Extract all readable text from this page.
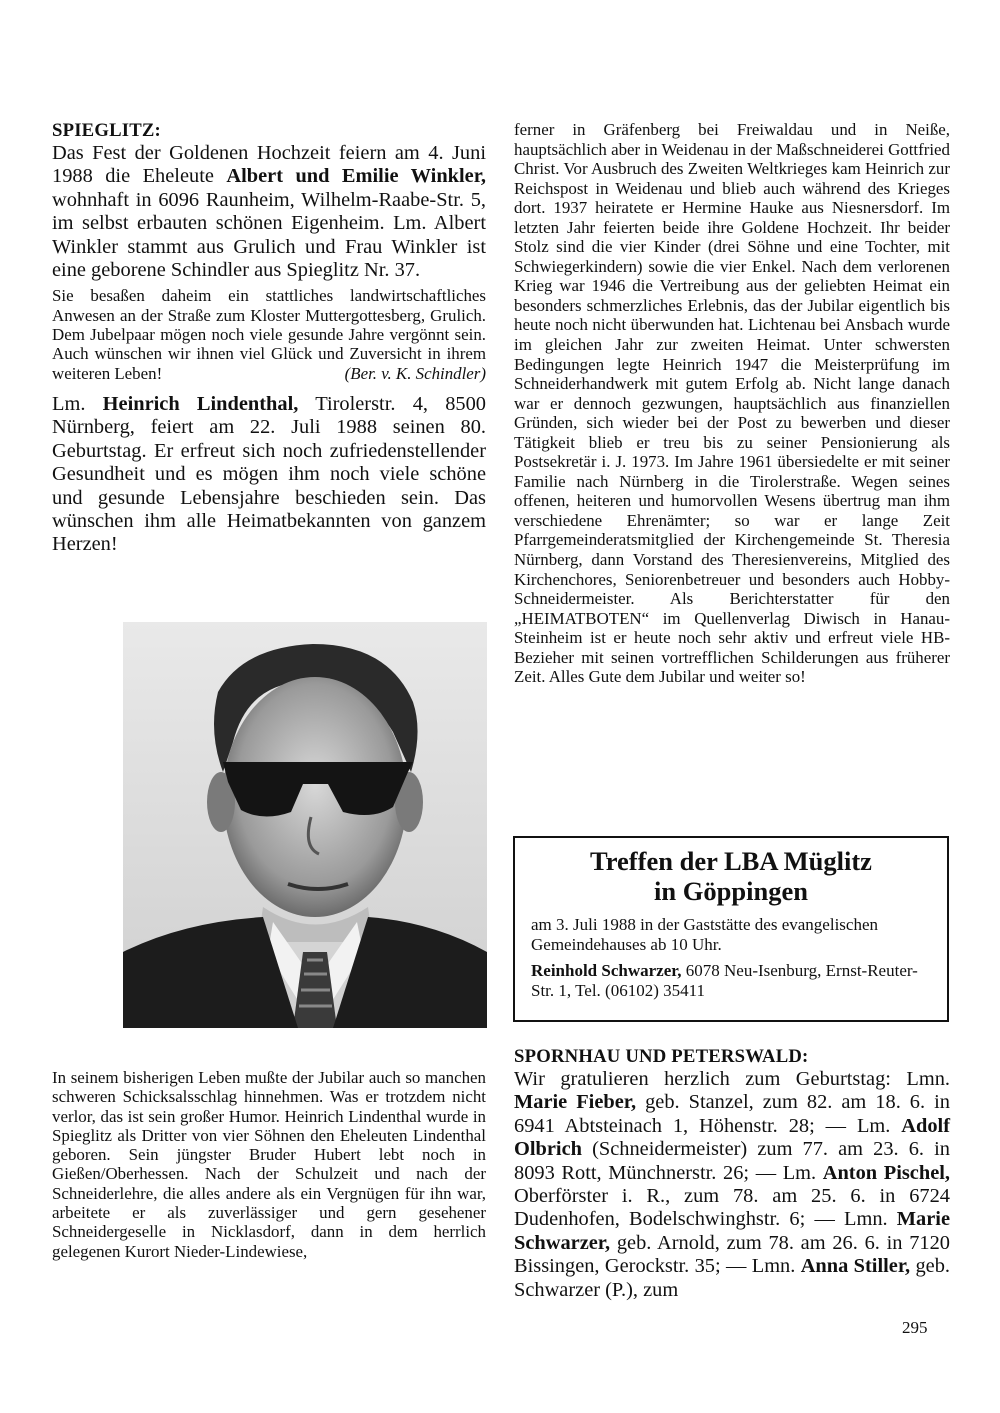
SPIEGLITZ:

Das Fest der Goldenen Hochzeit feiern am 4. Juni 1988 die Eheleute Albert und Emilie Winkler, wohnhaft in 6096 Raunheim, Wilhelm-Raabe-Str. 5, im selbst erbauten schönen Eigenheim. Lm. Albert Winkler stammt aus Grulich und Frau Winkler ist eine geborene Schindler aus Spieglitz Nr. 37.

Sie besaßen daheim ein stattliches landwirtschaftliches Anwesen an der Straße zum Kloster Muttergottesberg, Grulich. Dem Jubelpaar mögen noch viele gesunde Jahre vergönnt sein. Auch wünschen wir ihnen viel Glück und Zuversicht in ihrem weiteren Leben!	(Ber. v. K. Schindler)

Lm. Heinrich Lindenthal, Tirolerstr. 4, 8500 Nürnberg, feiert am 22. Juli 1988 seinen 80. Geburtstag. Er erfreut sich noch zufriedenstellender Gesundheit und es mögen ihm noch viele schöne und gesunde Lebensjahre beschieden sein. Das wünschen ihm alle Heimatbekannten von ganzem Herzen!

In seinem bisherigen Leben mußte der Jubilar auch so manchen schweren Schicksalsschlag hinnehmen. Was er trotzdem nicht verlor, das ist sein großer Humor. Heinrich Lindenthal wurde in Spieglitz als Dritter von vier Söhnen den Eheleuten Lindenthal geboren. Sein jüngster Bruder Hubert lebt noch in Gießen/Oberhessen. Nach der Schulzeit und nach der Schneiderlehre, die alles andere als ein Vergnügen für ihn war, arbeitete er als zuverlässiger und gern gesehener Schneidergeselle in Nicklasdorf, dann in dem herrlich gelegenen Kurort Nieder-Lindewiese,

ferner in Gräfenberg bei Freiwaldau und in Neiße, hauptsächlich aber in Weidenau in der Maßschneiderei Gottfried Christ. Vor Ausbruch des Zweiten Weltkrieges kam Heinrich zur Reichspost in Weidenau und blieb auch während des Krieges dort. 1937 heiratete er Hermine Hauke aus Niesnersdorf. Im letzten Jahr feierten beide ihre Goldene Hochzeit. Ihr beider Stolz sind die vier Kinder (drei Söhne und eine Tochter, mit Schwiegerkindern) sowie die vier Enkel. Nach dem verlorenen Krieg war 1946 die Vertreibung aus der geliebten Heimat ein besonders schmerzliches Erlebnis, das der Jubilar eigentlich bis heute noch nicht überwunden hat. Lichtenau bei Ansbach wurde im gleichen Jahr zur zweiten Heimat. Unter schwersten Bedingungen legte Heinrich 1947 die Meisterprüfung im Schneiderhandwerk mit gutem Erfolg ab. Nicht lange danach war er dennoch gezwungen, hauptsächlich aus finanziellen Gründen, sich wieder bei der Post zu bewerben und dieser Tätigkeit blieb er treu bis zu seiner Pensionierung als Postsekretär i. J. 1973. Im Jahre 1961 übersiedelte er mit seiner Familie nach Nürnberg in die Tirolerstraße. Wegen seines offenen, heiteren und humorvollen Wesens übertrug man ihm verschiedene Ehrenämter; so war er lange Zeit Pfarrgemeinderatsmitglied der Kirchengemeinde St. Theresia Nürnberg, dann Vorstand des Theresienvereins, Mitglied des Kirchenchores, Seniorenbetreuer und besonders auch Hobby-Schneidermeister. Als Berichterstatter für den „HEIMATBOTEN“ im Quellenverlag Diwisch in Hanau-Steinheim ist er heute noch sehr aktiv und erfreut viele HB-Bezieher mit seinen vortrefflichen Schilderungen aus früherer Zeit. Alles Gute dem Jubilar und weiter so!

Treffen der LBA Müglitz
in Göppingen

am 3. Juli 1988 in der Gaststätte des evangelischen Gemeindehauses ab 10 Uhr.

Reinhold Schwarzer, 6078 Neu-Isenburg, Ernst-Reuter-Str. 1, Tel. (06102) 35411

SPORNHAU UND PETERSWALD:

Wir gratulieren herzlich zum Geburtstag: Lmn. Marie Fieber, geb. Stanzel, zum 82. am 18. 6. in 6941 Abtsteinach 1, Höhenstr. 28; — Lm. Adolf Olbrich (Schneidermeister) zum 77. am 23. 6. in 8093 Rott, Münchnerstr. 26; — Lm. Anton Pischel, Oberförster i. R., zum 78. am 25. 6. in 6724 Dudenhofen, Bodelschwinghstr. 6; — Lmn. Marie Schwarzer, geb. Arnold, zum 78. am 26. 6. in 7120 Bissingen, Gerockstr. 35; — Lmn. Anna Stiller, geb. Schwarzer (P.), zum

295
